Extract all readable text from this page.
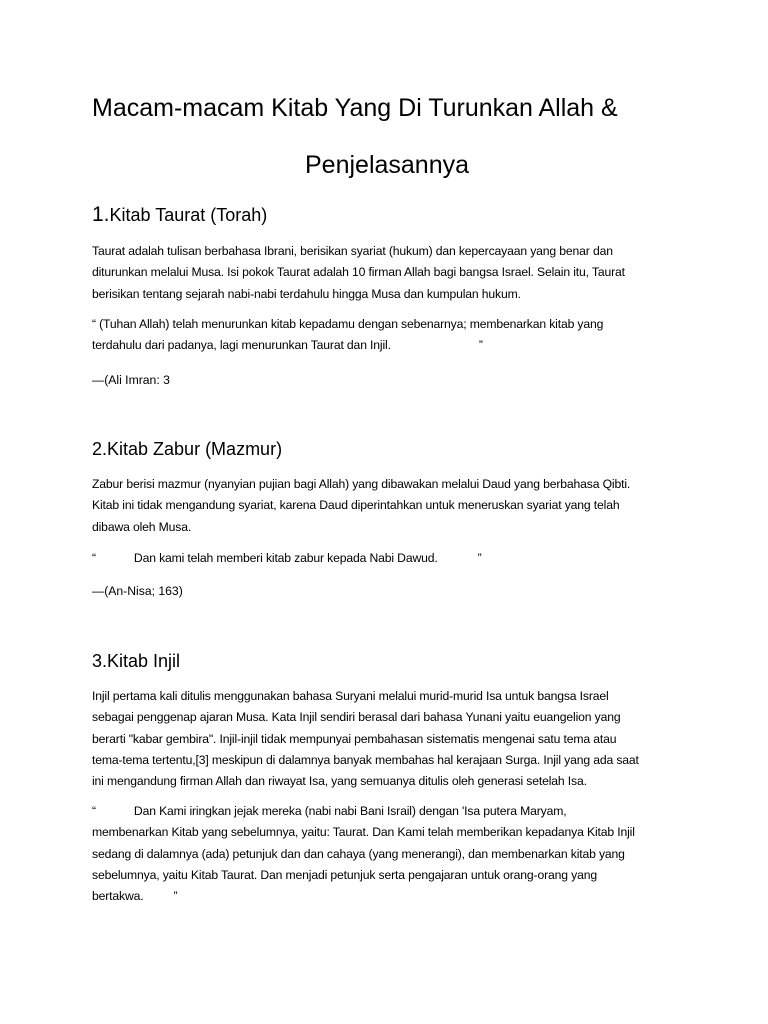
Macam-macam Kitab Yang Di Turunkan Allah &
Penjelasannya
1.Kitab Taurat (Torah)

Taurat adalah tulisan berbahasa Ibrani, berisikan syariat (hukum) dan kepercayaan yang benar dan
diturunkan melalui Musa. Isi pokok Taurat adalah 10 firman Allah bagi bangsa Israel. Selain itu, Taurat
berisikan tentang sejarah nabi-nabi terdahulu hingga Musa dan kumpulan hukum.

“ (Tuhan Allah) telah menurunkan kitab kepadamu dengan sebenarnya; membenarkan kitab yang
terdahulu dari padanya, lagi menurunkan Taurat dan Injil.	”

—(Ali Imran: 3

2.Kitab Zabur (Mazmur)

Zabur berisi mazmur (nyanyian pujian bagi Allah) yang dibawakan melalui Daud yang berbahasa Qibti.
Kitab ini tidak mengandung syariat, karena Daud diperintahkan untuk meneruskan syariat yang telah
dibawa oleh Musa.

“	Dan kami telah memberi kitab zabur kepada Nabi Dawud.	”

—(An-Nisa; 163)

3.Kitab Injil

Injil pertama kali ditulis menggunakan bahasa Suryani melalui murid-murid Isa untuk bangsa Israel
sebagai penggenap ajaran Musa. Kata Injil sendiri berasal dari bahasa Yunani yaitu euangelion yang
berarti "kabar gembira". Injil-injil tidak mempunyai pembahasan sistematis mengenai satu tema atau
tema-tema tertentu,[3] meskipun di dalamnya banyak membahas hal kerajaan Surga. Injil yang ada saat
ini mengandung firman Allah dan riwayat Isa, yang semuanya ditulis oleh generasi setelah Isa.

“	Dan Kami iringkan jejak mereka (nabi nabi Bani Israil) dengan 'Isa putera Maryam,
membenarkan Kitab yang sebelumnya, yaitu: Taurat. Dan Kami telah memberikan kepadanya Kitab Injil
sedang di dalamnya (ada) petunjuk dan dan cahaya (yang menerangi), dan membenarkan kitab yang
sebelumnya, yaitu Kitab Taurat. Dan menjadi petunjuk serta pengajaran untuk orang-orang yang
bertakwa. ”
